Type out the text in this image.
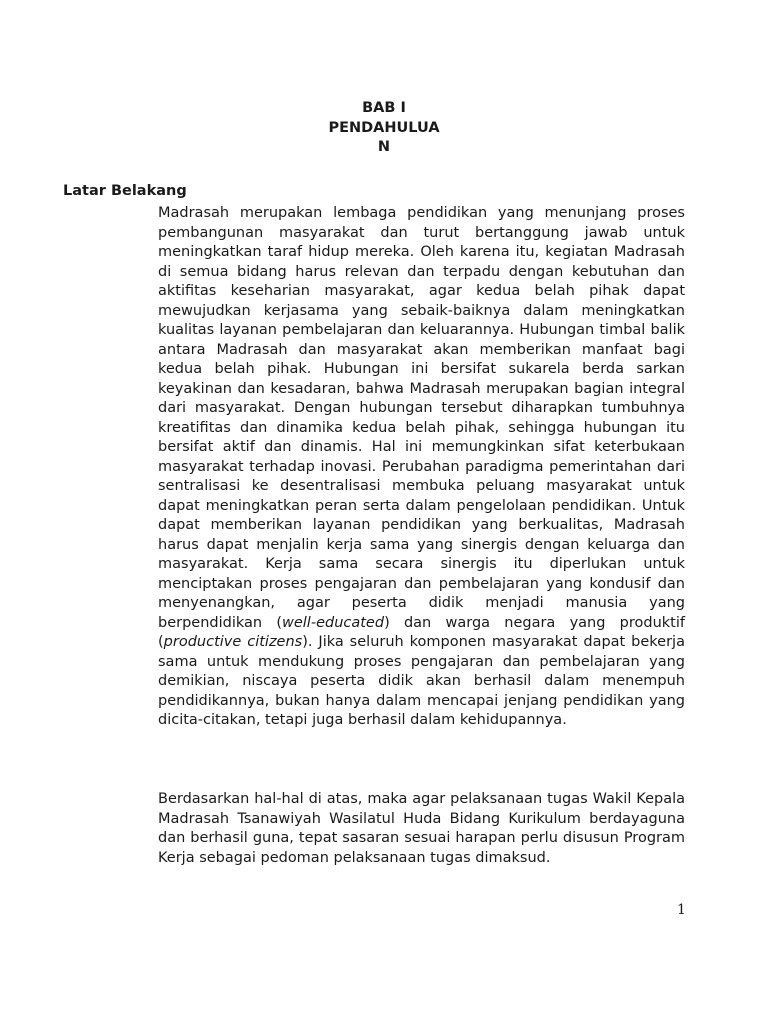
BAB I
PENDAHULUA
N
Latar Belakang

Madrasah merupakan lembaga pendidikan yang menunjang proses pembangunan masyarakat dan turut bertanggung jawab untuk meningkatkan taraf hidup mereka. Oleh karena itu, kegiatan Madrasah di semua bidang harus relevan dan terpadu dengan kebutuhan dan aktifitas keseharian masyarakat, agar kedua belah pihak dapat mewujudkan kerjasama yang sebaik-baiknya dalam meningkatkan kualitas layanan pembelajaran dan keluarannya. Hubungan timbal balik antara Madrasah dan masyarakat akan memberikan manfaat bagi kedua belah pihak. Hubungan ini bersifat sukarela berda sarkan keyakinan dan kesadaran, bahwa Madrasah merupakan bagian integral dari masyarakat. Dengan hubungan tersebut diharapkan tumbuhnya kreatifitas dan dinamika kedua belah pihak, sehingga hubungan itu bersifat aktif dan dinamis. Hal ini memungkinkan sifat keterbukaan masyarakat terhadap inovasi. Perubahan paradigma pemerintahan dari sentralisasi ke desentralisasi membuka peluang masyarakat untuk dapat meningkatkan peran serta dalam pengelolaan pendidikan. Untuk dapat memberikan layanan pendidikan yang berkualitas, Madrasah harus dapat menjalin kerja sama yang sinergis dengan keluarga dan masyarakat. Kerja sama secara sinergis itu diperlukan untuk menciptakan proses pengajaran dan pembelajaran yang kondusif dan menyenangkan, agar peserta didik menjadi manusia yang berpendidikan (well-educated) dan warga negara yang produktif (productive citizens). Jika seluruh komponen masyarakat dapat bekerja sama untuk mendukung proses pengajaran dan pembelajaran yang demikian, niscaya peserta didik akan berhasil dalam menempuh pendidikannya, bukan hanya dalam mencapai jenjang pendidikan yang dicita-citakan, tetapi juga berhasil dalam kehidupannya.

Berdasarkan hal-hal di atas, maka agar pelaksanaan tugas Wakil Kepala Madrasah Tsanawiyah Wasilatul Huda Bidang Kurikulum berdayaguna dan berhasil guna, tepat sasaran sesuai harapan perlu disusun Program Kerja sebagai pedoman pelaksanaan tugas dimaksud.

1
